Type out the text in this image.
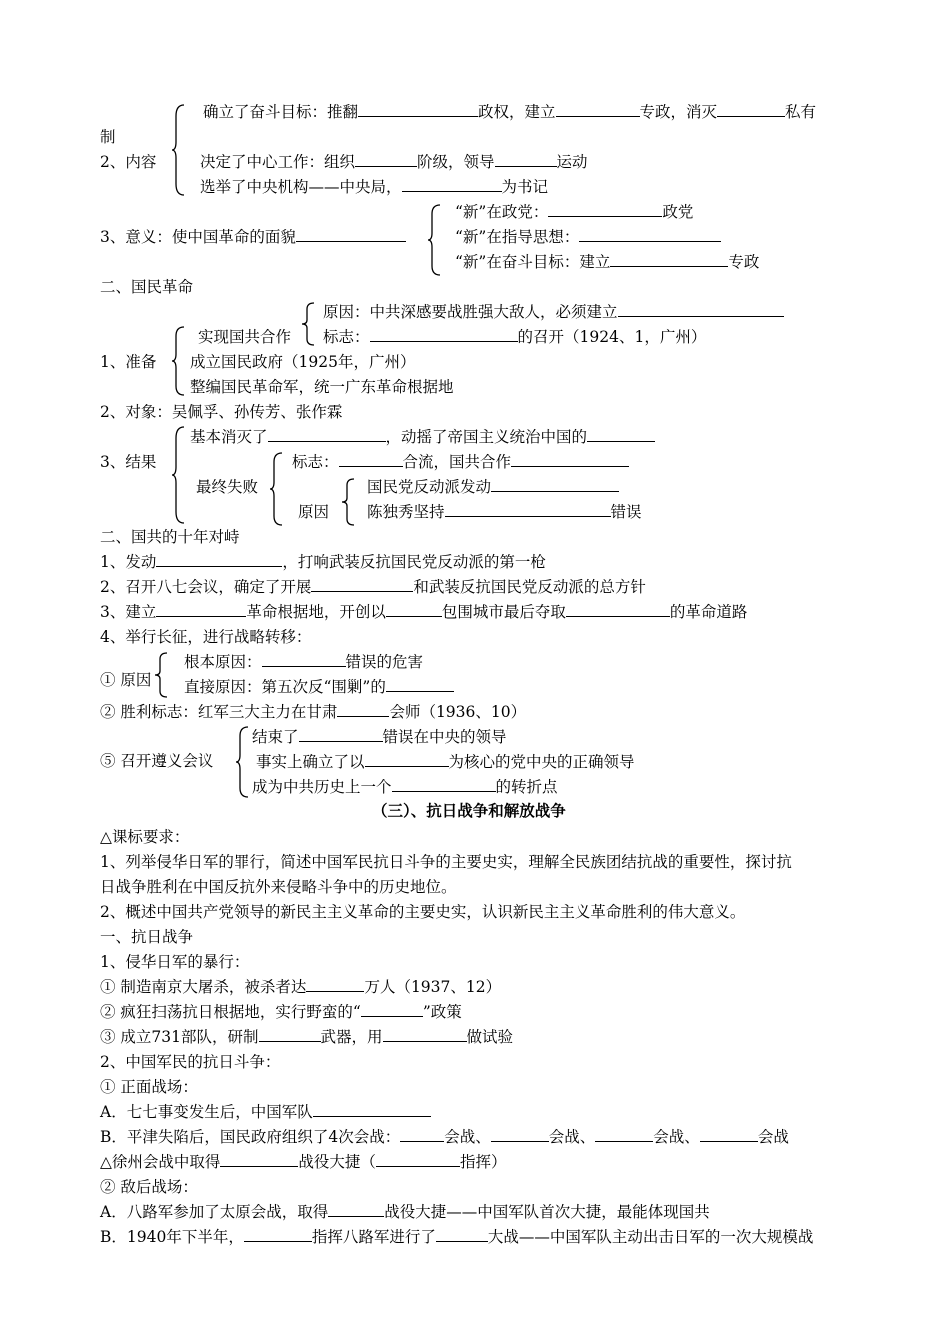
确立了奋斗目标：推翻	政权，建立	专政，消灭	私有
制
2、内容	决定了中心工作：组织	阶级，领导	运动
选举了中央机构——中央局，	为书记
“新”在政党：	政党
3、意义：使中国革命的面貌	“新”在指导思想：
“新”在奋斗目标：建立	专政
二、国民革命
原因：中共深感要战胜强大敌人，必须建立
实现国共合作 标志：	的召开（1924、1，广州）
1、准备 成立国民政府（1925年，广州）
整编国民革命军，统一广东革命根据地
2、对象：吴佩孚、孙传芳、张作霖
基本消灭了	，动摇了帝国主义统治中国的
3、结果	标志：	合流，国共合作
最终失败	国民党反动派发动
原因 陈独秀坚持	错误
二、国共的十年对峙
1、发动	，打响武装反抗国民党反动派的第一枪
2、召开八七会议，确定了开展	和武装反抗国民党反动派的总方针
3、建立	革命根据地，开创以	包围城市最后夺取	的革命道路
4、举行长征，进行战略转移：
根本原因：	错误的危害
① 原因 直接原因：第五次反“围剿”的
② 胜利标志：红军三大主力在甘肃	会师（1936、10）
结束了	错误在中央的领导
⑤ 召开遵义会议	事实上确立了以	为核心的党中央的正确领导
成为中共历史上一个	的转折点
（三）、抗日战争和解放战争
△课标要求：
1、列举侵华日军的罪行，简述中国军民抗日斗争的主要史实，理解全民族团结抗战的重要性，探讨抗
日战争胜利在中国反抗外来侵略斗争中的历史地位。
2、概述中国共产党领导的新民主主义革命的主要史实，认识新民主主义革命胜利的伟大意义。
一、抗日战争
1、侵华日军的暴行：
① 制造南京大屠杀，被杀者达	万人（1937、12）
② 疯狂扫荡抗日根据地，实行野蛮的“	”政策
③ 成立731部队，研制	武器，用	做试验
2、中国军民的抗日斗争：
① 正面战场：
A．七七事变发生后，中国军队
B．平津失陷后，国民政府组织了4次会战：	会战、	会战、	会战、	会战
△徐州会战中取得	战役大捷（	指挥）
② 敌后战场：
A．八路军参加了太原会战，取得	战役大捷——中国军队首次大捷，最能体现国共
B．1940年下半年，	指挥八路军进行了	大战——中国军队主动出击日军的一次大规模战
